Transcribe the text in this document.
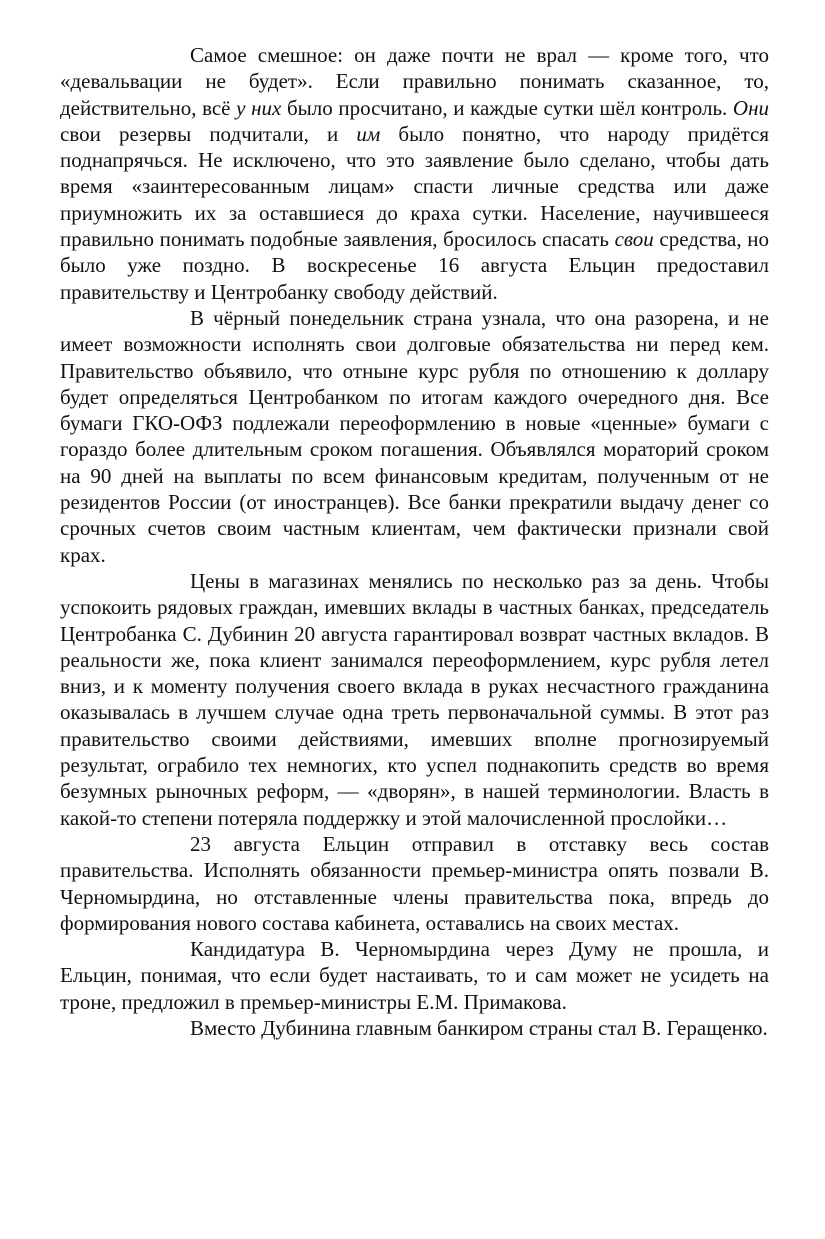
Самое смешное: он даже почти не врал — кроме того, что «девальвации не будет». Если правильно понимать сказанное, то, действительно, всё у них было просчитано, и каждые сутки шёл контроль. Они свои резервы подчитали, и им было понятно, что народу придётся поднапрячься. Не исключено, что это заявление было сделано, чтобы дать время «заинтересованным лицам» спасти личные средства или даже приумножить их за оставшиеся до краха сутки. Население, научившееся правильно понимать подобные заявления, бросилось спасать свои средства, но было уже поздно. В воскресенье 16 августа Ельцин предоставил правительству и Центробанку свободу действий.

В чёрный понедельник страна узнала, что она разорена, и не имеет возможности исполнять свои долговые обязательства ни перед кем. Правительство объявило, что отныне курс рубля по отношению к доллару будет определяться Центробанком по итогам каждого очередного дня. Все бумаги ГКО-ОФЗ подлежали переоформлению в новые «ценные» бумаги с гораздо более длительным сроком погашения. Объявлялся мораторий сроком на 90 дней на выплаты по всем финансовым кредитам, полученным от не резидентов России (от иностранцев). Все банки прекратили выдачу денег со срочных счетов своим частным клиентам, чем фактически признали свой крах.

Цены в магазинах менялись по несколько раз за день. Чтобы успокоить рядовых граждан, имевших вклады в частных банках, председатель Центробанка С. Дубинин 20 августа гарантировал возврат частных вкладов. В реальности же, пока клиент занимался переоформлением, курс рубля летел вниз, и к моменту получения своего вклада в руках несчастного гражданина оказывалась в лучшем случае одна треть первоначальной суммы. В этот раз правительство своими действиями, имевших вполне прогнозируемый результат, ограбило тех немногих, кто успел поднакопить средств во время безумных рыночных реформ, — «дворян», в нашей терминологии. Власть в какой-то степени потеряла поддержку и этой малочисленной прослойки…

23 августа Ельцин отправил в отставку весь состав правительства. Исполнять обязанности премьер-министра опять позвали В. Черномырдина, но отставленные члены правительства пока, впредь до формирования нового состава кабинета, оставались на своих местах.

Кандидатура В. Черномырдина через Думу не прошла, и Ельцин, понимая, что если будет настаивать, то и сам может не усидеть на троне, предложил в премьер-министры Е.М. Примакова.

Вместо Дубинина главным банкиром страны стал В. Геращенко.
